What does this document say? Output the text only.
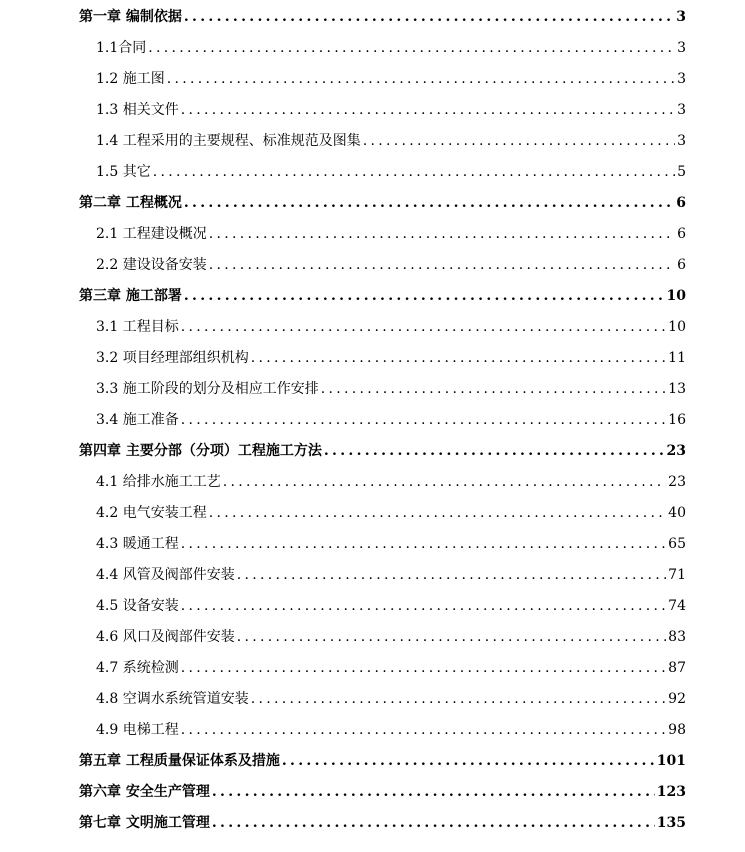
第一章 编制依据 .....	3
1.1合同 .....	3
1.2 施工图 .....	3
1.3 相关文件 .....	3
1.4 工程采用的主要规程、标准规范及图集 .....	3
1.5 其它 .....	5
第二章 工程概况 .....	6
2.1 工程建设概况 .....	6
2.2 建设设备安装 .....	6
第三章 施工部署 .....	10
3.1 工程目标 .....	10
3.2 项目经理部组织机构 .....	11
3.3 施工阶段的划分及相应工作安排 .....	13
3.4 施工准备 .....	16
第四章 主要分部（分项）工程施工方法 .....	23
4.1 给排水施工工艺 .....	23
4.2 电气安装工程 .....	40
4.3 暖通工程 .....	65
4.4 风管及阀部件安装 .....	71
4.5 设备安装 .....	74
4.6 风口及阀部件安装 .....	83
4.7 系统检测 .....	87
4.8 空调水系统管道安装 .....	92
4.9 电梯工程 .....	98
第五章 工程质量保证体系及措施 .....	101
第六章 安全生产管理 .....	123
第七章 文明施工管理 .....	135
